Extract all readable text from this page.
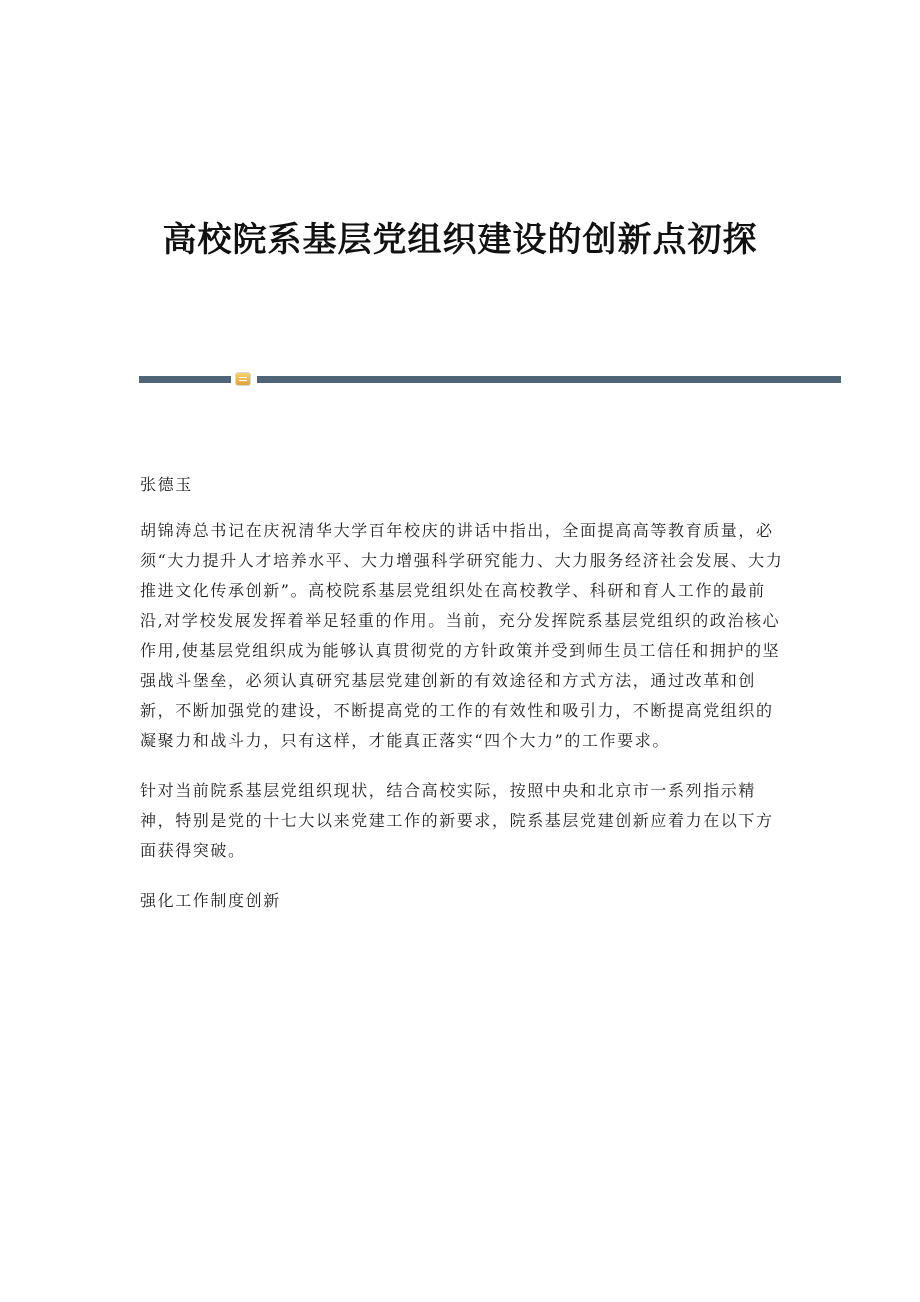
高校院系基层党组织建设的创新点初探

张德玉

胡锦涛总书记在庆祝清华大学百年校庆的讲话中指出，全面提高高等教育质量，必须“大力提升人才培养水平、大力增强科学研究能力、大力服务经济社会发展、大力推进文化传承创新”。高校院系基层党组织处在高校教学、科研和育人工作的最前沿,对学校发展发挥着举足轻重的作用。当前，充分发挥院系基层党组织的政治核心作用,使基层党组织成为能够认真贯彻党的方针政策并受到师生员工信任和拥护的坚强战斗堡垒，必须认真研究基层党建创新的有效途径和方式方法，通过改革和创新，不断加强党的建设，不断提高党的工作的有效性和吸引力，不断提高党组织的凝聚力和战斗力，只有这样，才能真正落实“四个大力”的工作要求。

针对当前院系基层党组织现状，结合高校实际，按照中央和北京市一系列指示精神，特别是党的十七大以来党建工作的新要求，院系基层党建创新应着力在以下方面获得突破。

强化工作制度创新
